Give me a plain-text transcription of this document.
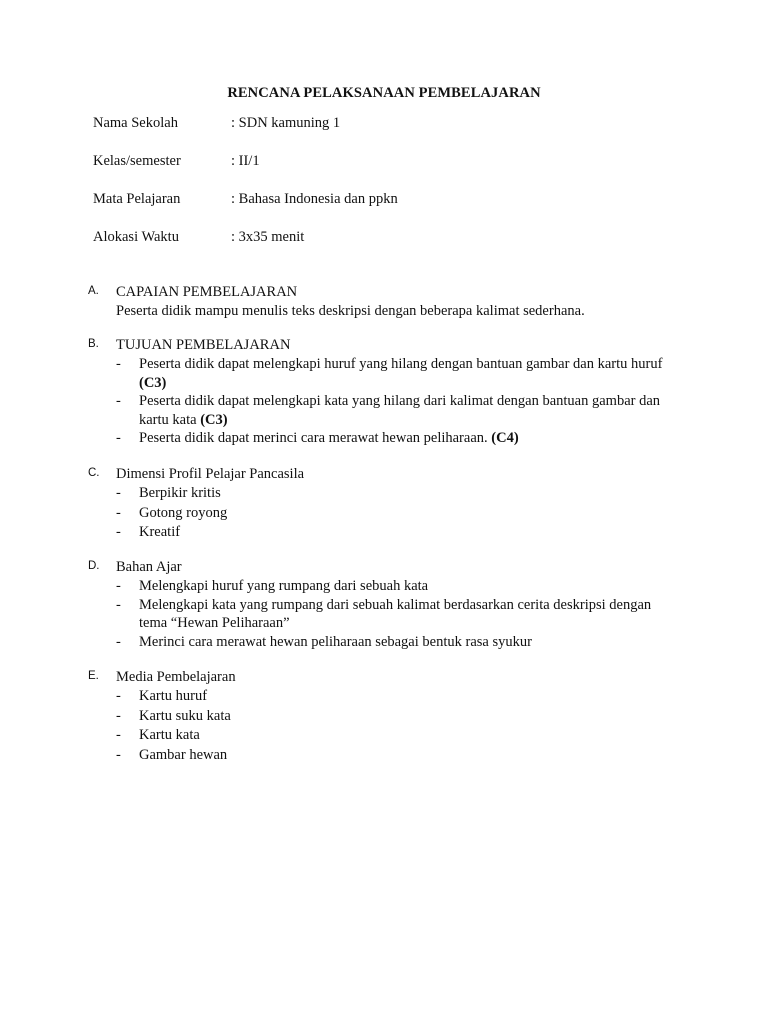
RENCANA PELAKSANAAN PEMBELAJARAN
Nama Sekolah	: SDN kamuning 1
Kelas/semester	: II/1
Mata Pelajaran	: Bahasa Indonesia dan ppkn
Alokasi Waktu	: 3x35 menit
A. CAPAIAN PEMBELAJARAN
Peserta didik mampu menulis teks deskripsi dengan beberapa kalimat sederhana.
B. TUJUAN PEMBELAJARAN
- Peserta didik dapat melengkapi huruf yang hilang dengan bantuan gambar dan kartu huruf (C3)
- Peserta didik dapat melengkapi kata yang hilang dari kalimat dengan bantuan gambar dan kartu kata (C3)
- Peserta didik dapat merinci cara merawat hewan peliharaan. (C4)
C. Dimensi Profil Pelajar Pancasila
- Berpikir kritis
- Gotong royong
- Kreatif
D. Bahan Ajar
- Melengkapi huruf yang rumpang dari sebuah kata
- Melengkapi kata yang rumpang dari sebuah kalimat berdasarkan cerita deskripsi dengan tema “Hewan Peliharaan”
- Merinci cara merawat hewan peliharaan sebagai bentuk rasa syukur
E. Media Pembelajaran
- Kartu huruf
- Kartu suku kata
- Kartu kata
- Gambar hewan
